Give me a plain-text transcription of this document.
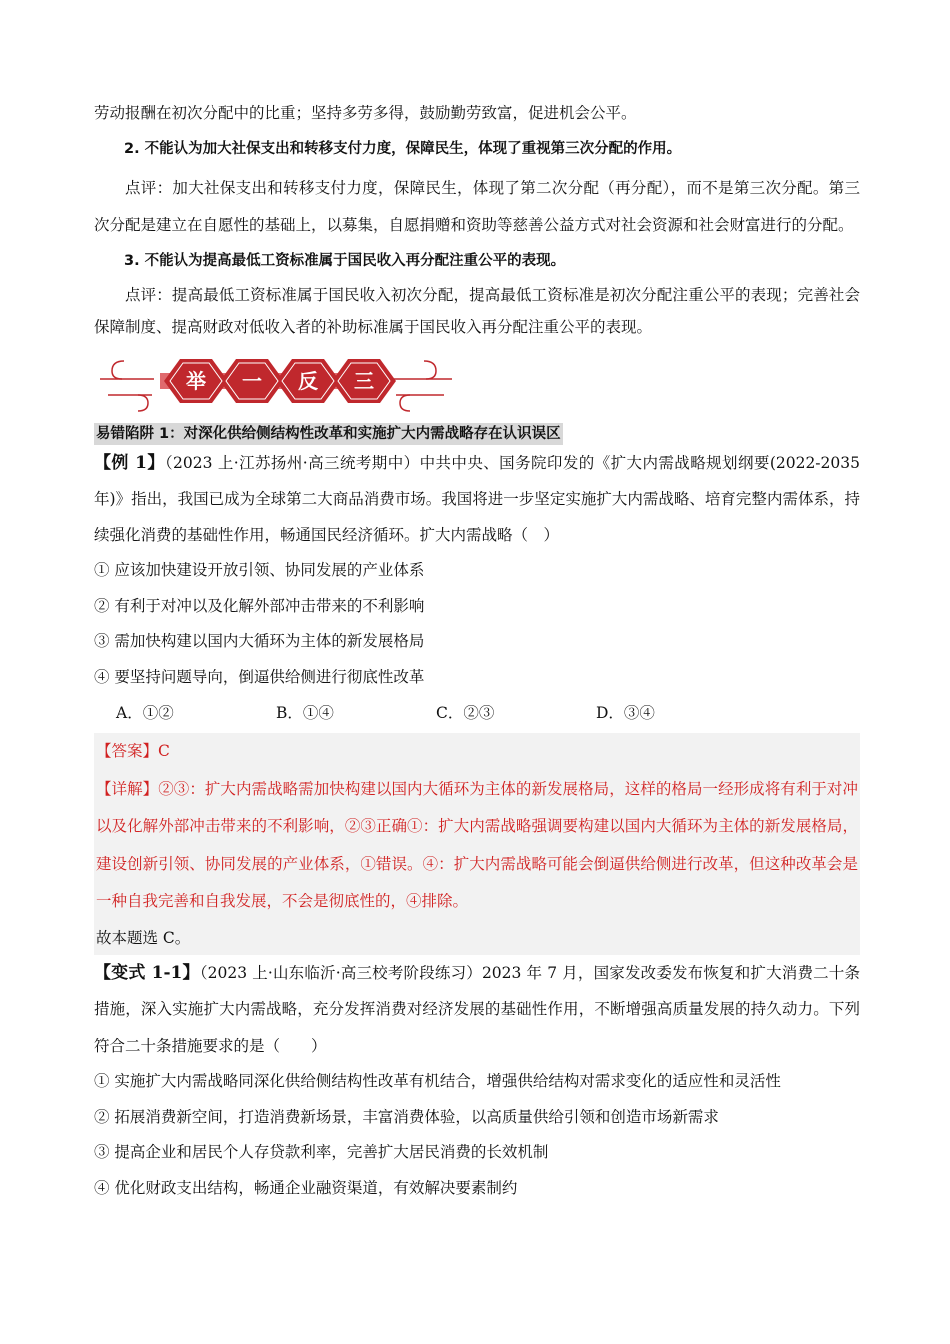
劳动报酬在初次分配中的比重；坚持多劳多得，鼓励勤劳致富，促进机会公平。

2. 不能认为加大社保支出和转移支付力度，保障民生，体现了重视第三次分配的作用。

点评：加大社保支出和转移支付力度，保障民生，体现了第二次分配（再分配），而不是第三次分配。第三次分配是建立在自愿性的基础上，以募集，自愿捐赠和资助等慈善公益方式对社会资源和社会财富进行的分配。

3. 不能认为提高最低工资标准属于国民收入再分配注重公平的表现。

点评：提高最低工资标准属于国民收入初次分配，提高最低工资标准是初次分配注重公平的表现；完善社会保障制度、提高财政对低收入者的补助标准属于国民收入再分配注重公平的表现。

举	一	反	三
易错陷阱 1：对深化供给侧结构性改革和实施扩大内需战略存在认识误区

【例 1】（2023 上·江苏扬州·高三统考期中）中共中央、国务院印发的《扩大内需战略规划纲要(2022-2035 年)》指出，我国已成为全球第二大商品消费市场。我国将进一步坚定实施扩大内需战略、培育完整内需体系，持续强化消费的基础性作用，畅通国民经济循环。扩大内需战略（　）

① 应该加快建设开放引领、协同发展的产业体系

② 有利于对冲以及化解外部冲击带来的不利影响

③ 需加快构建以国内大循环为主体的新发展格局

④ 要坚持问题导向，倒逼供给侧进行彻底性改革

A．①②	B．①④	C．②③	D．③④

【答案】C

【详解】②③：扩大内需战略需加快构建以国内大循环为主体的新发展格局，这样的格局一经形成将有利于对冲以及化解外部冲击带来的不利影响，②③正确①：扩大内需战略强调要构建以国内大循环为主体的新发展格局，建设创新引领、协同发展的产业体系，①错误。④：扩大内需战略可能会倒逼供给侧进行改革，但这种改革会是一种自我完善和自我发展，不会是彻底性的，④排除。

故本题选 C。

【变式 1-1】（2023 上·山东临沂·高三校考阶段练习）2023 年 7 月，国家发改委发布恢复和扩大消费二十条措施，深入实施扩大内需战略，充分发挥消费对经济发展的基础性作用，不断增强高质量发展的持久动力。下列符合二十条措施要求的是（　　）

① 实施扩大内需战略同深化供给侧结构性改革有机结合，增强供给结构对需求变化的适应性和灵活性

② 拓展消费新空间，打造消费新场景，丰富消费体验，以高质量供给引领和创造市场新需求

③ 提高企业和居民个人存贷款利率，完善扩大居民消费的长效机制

④ 优化财政支出结构，畅通企业融资渠道，有效解决要素制约
